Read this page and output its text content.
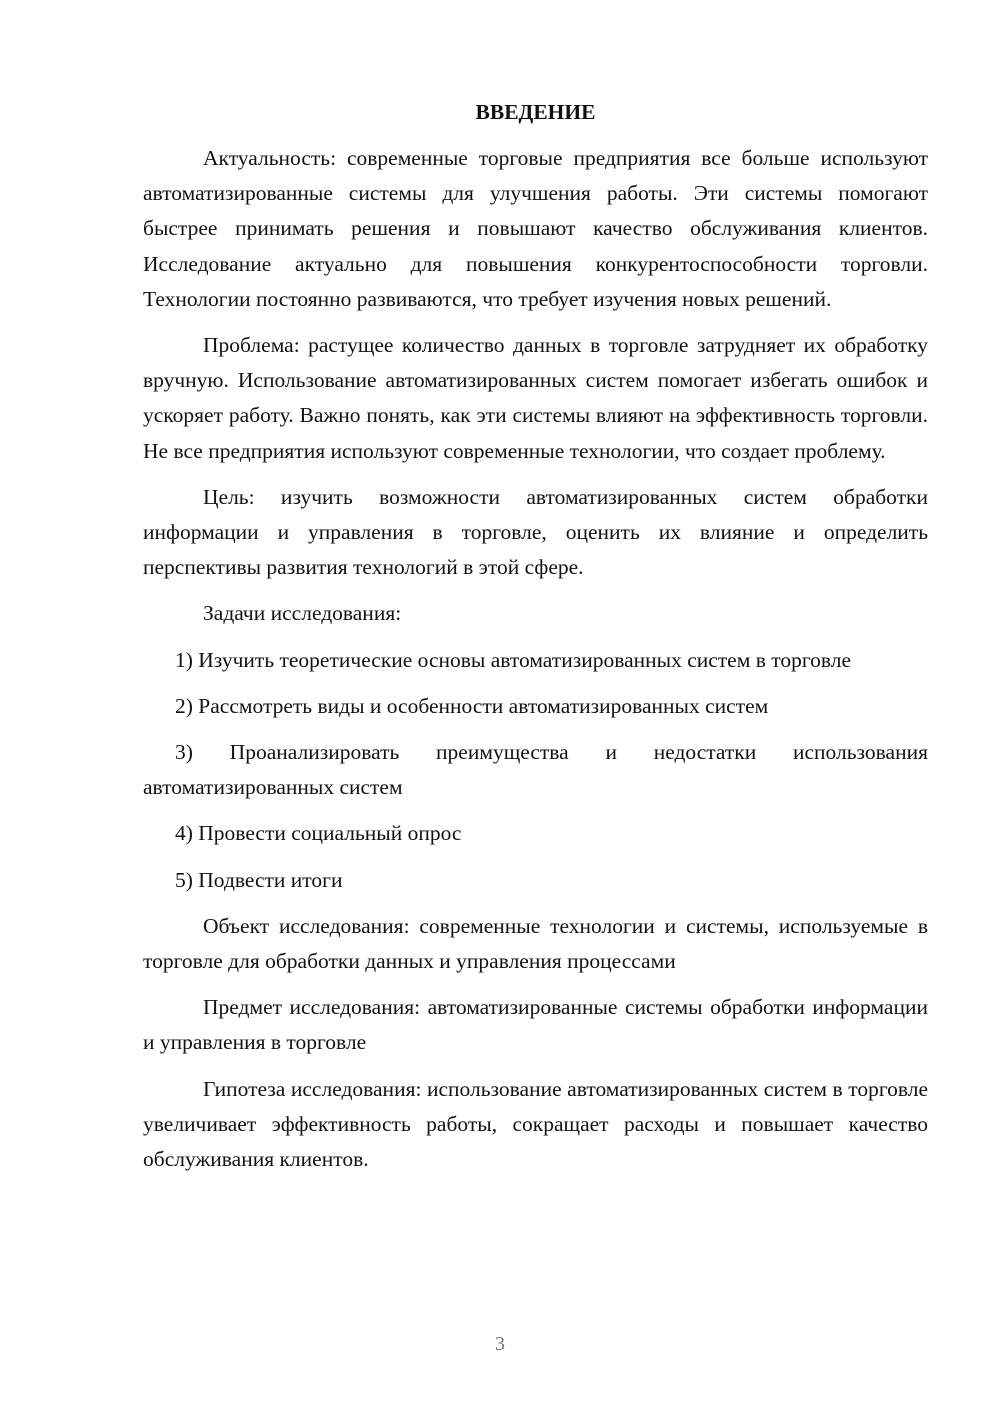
ВВЕДЕНИЕ

Актуальность: современные торговые предприятия все больше используют автоматизированные системы для улучшения работы. Эти системы помогают быстрее принимать решения и повышают качество обслуживания клиентов. Исследование актуально для повышения конкурентоспособности торговли. Технологии постоянно развиваются, что требует изучения новых решений.

Проблема: растущее количество данных в торговле затрудняет их обработку вручную. Использование автоматизированных систем помогает избегать ошибок и ускоряет работу. Важно понять, как эти системы влияют на эффективность торговли. Не все предприятия используют современные технологии, что создает проблему.

Цель: изучить возможности автоматизированных систем обработки информации и управления в торговле, оценить их влияние и определить перспективы развития технологий в этой сфере.

Задачи исследования:

1) Изучить теоретические основы автоматизированных систем в торговле

2) Рассмотреть виды и особенности автоматизированных систем

3) Проанализировать преимущества и недостатки использования автоматизированных систем

4) Провести социальный опрос

5) Подвести итоги

Объект исследования: современные технологии и системы, используемые в торговле для обработки данных и управления процессами

Предмет исследования: автоматизированные системы обработки информации и управления в торговле

Гипотеза исследования: использование автоматизированных систем в торговле увеличивает эффективность работы, сокращает расходы и повышает качество обслуживания клиентов.

3
